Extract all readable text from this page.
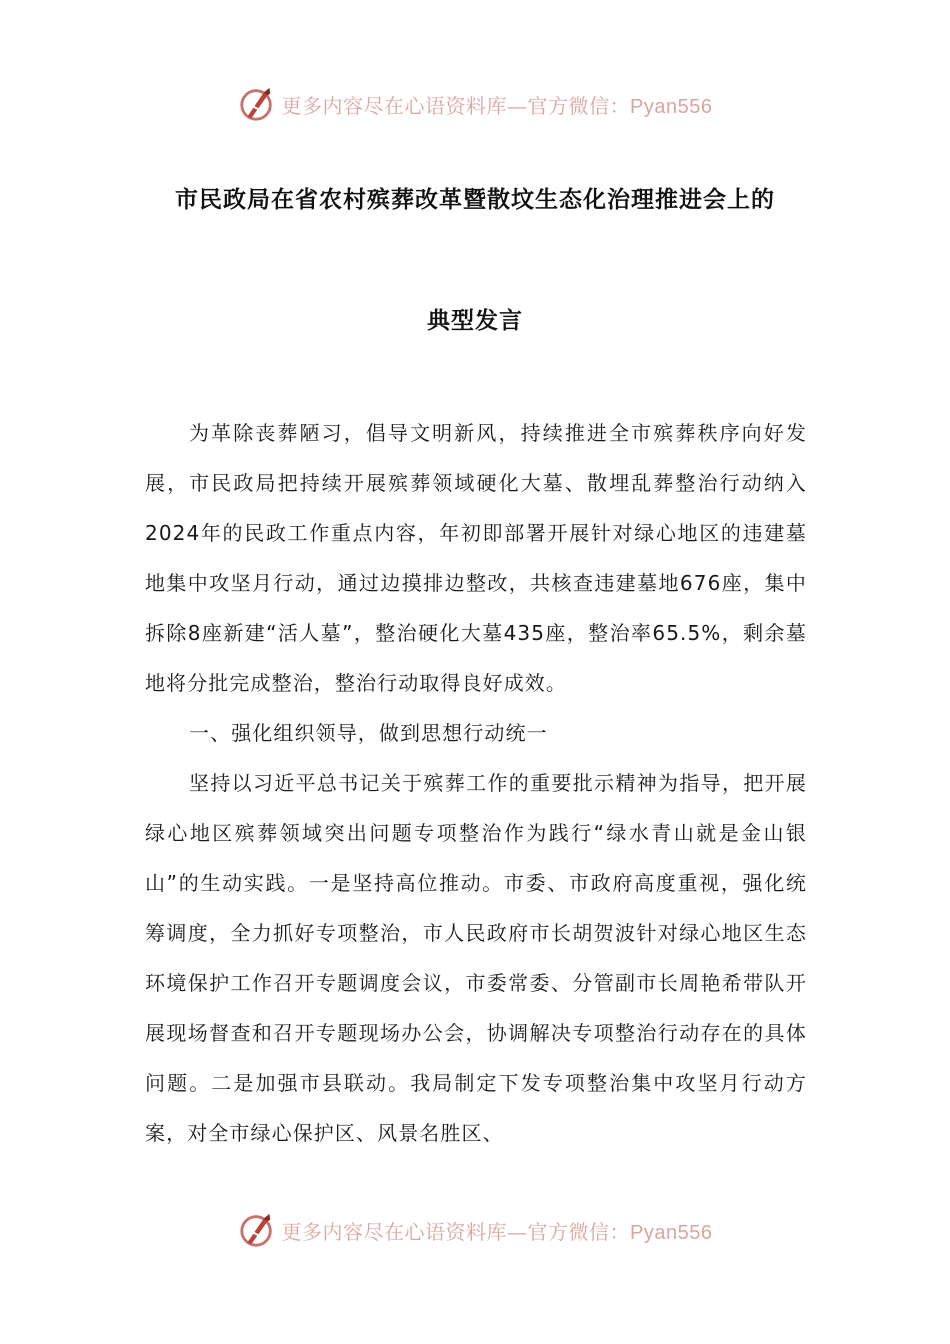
更多内容尽在心语资料库—官方微信：Pyan556
市民政局在省农村殡葬改革暨散坟生态化治理推进会上的
典型发言

为革除丧葬陋习，倡导文明新风，持续推进全市殡葬秩序向好发展，市民政局把持续开展殡葬领域硬化大墓、散埋乱葬整治行动纳入2024年的民政工作重点内容，年初即部署开展针对绿心地区的违建墓地集中攻坚月行动，通过边摸排边整改，共核查违建墓地676座，集中拆除8座新建“活人墓”，整治硬化大墓435座，整治率65.5%，剩余墓地将分批完成整治，整治行动取得良好成效。

一、强化组织领导，做到思想行动统一

坚持以习近平总书记关于殡葬工作的重要批示精神为指导，把开展绿心地区殡葬领域突出问题专项整治作为践行“绿水青山就是金山银山”的生动实践。一是坚持高位推动。市委、市政府高度重视，强化统筹调度，全力抓好专项整治，市人民政府市长胡贺波针对绿心地区生态环境保护工作召开专题调度会议，市委常委、分管副市长周艳希带队开展现场督查和召开专题现场办公会，协调解决专项整治行动存在的具体问题。二是加强市县联动。我局制定下发专项整治集中攻坚月行动方案，对全市绿心保护区、风景名胜区、

更多内容尽在心语资料库—官方微信：Pyan556
